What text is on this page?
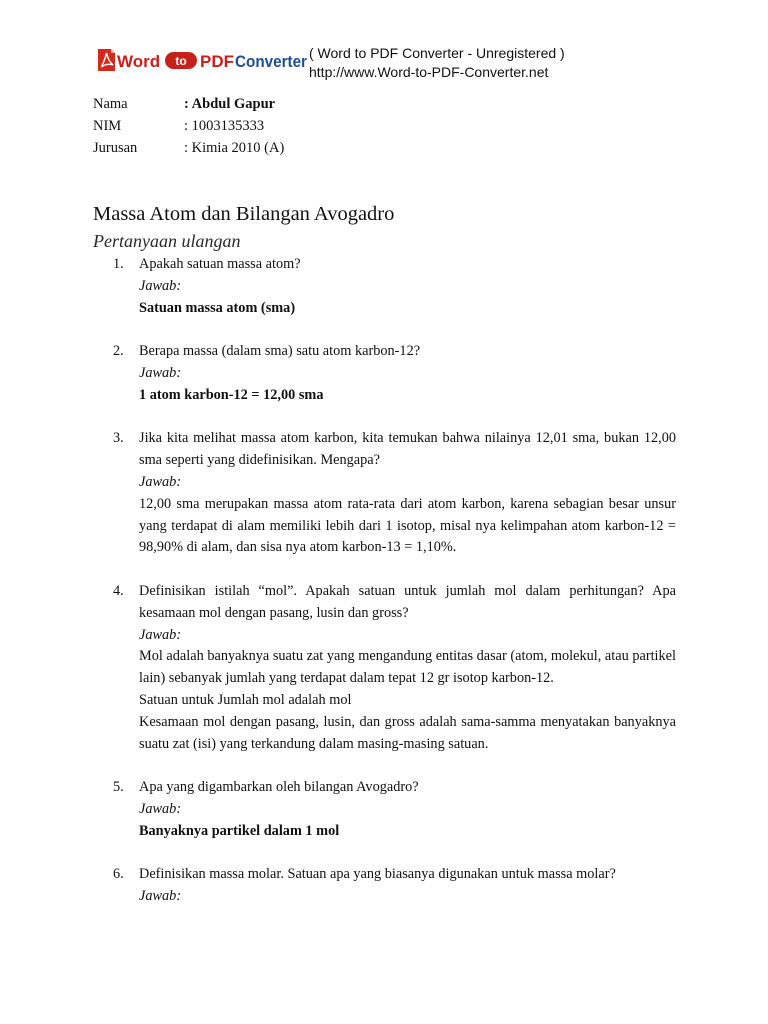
Word to PDF Converter ( Word to PDF Converter - Unregistered )
http://www.Word-to-PDF-Converter.net
Nama	: Abdul Gapur
NIM	: 1003135333
Jurusan	: Kimia 2010 (A)
Massa Atom dan Bilangan Avogadro
Pertanyaan ulangan
1. Apakah satuan massa atom?
Jawab:
Satuan massa atom (sma)
2. Berapa massa (dalam sma) satu atom karbon-12?
Jawab:
1 atom karbon-12 = 12,00 sma
3. Jika kita melihat massa atom karbon, kita temukan bahwa nilainya 12,01 sma, bukan 12,00 sma seperti yang didefinisikan. Mengapa?
Jawab:
12,00 sma merupakan massa atom rata-rata dari atom karbon, karena sebagian besar unsur yang terdapat di alam memiliki lebih dari 1 isotop, misal nya kelimpahan atom karbon-12 = 98,90% di alam, dan sisa nya atom karbon-13 = 1,10%.
4. Definisikan istilah “mol”. Apakah satuan untuk jumlah mol dalam perhitungan? Apa kesamaan mol dengan pasang, lusin dan gross?
Jawab:
Mol adalah banyaknya suatu zat yang mengandung entitas dasar (atom, molekul, atau partikel lain) sebanyak jumlah yang terdapat dalam tepat 12 gr isotop karbon-12.
Satuan untuk Jumlah mol adalah mol
Kesamaan mol dengan pasang, lusin, dan gross adalah sama-samma menyatakan banyaknya suatu zat (isi) yang terkandung dalam masing-masing satuan.
5. Apa yang digambarkan oleh bilangan Avogadro?
Jawab:
Banyaknya partikel dalam 1 mol
6. Definisikan massa molar. Satuan apa yang biasanya digunakan untuk massa molar?
Jawab:
